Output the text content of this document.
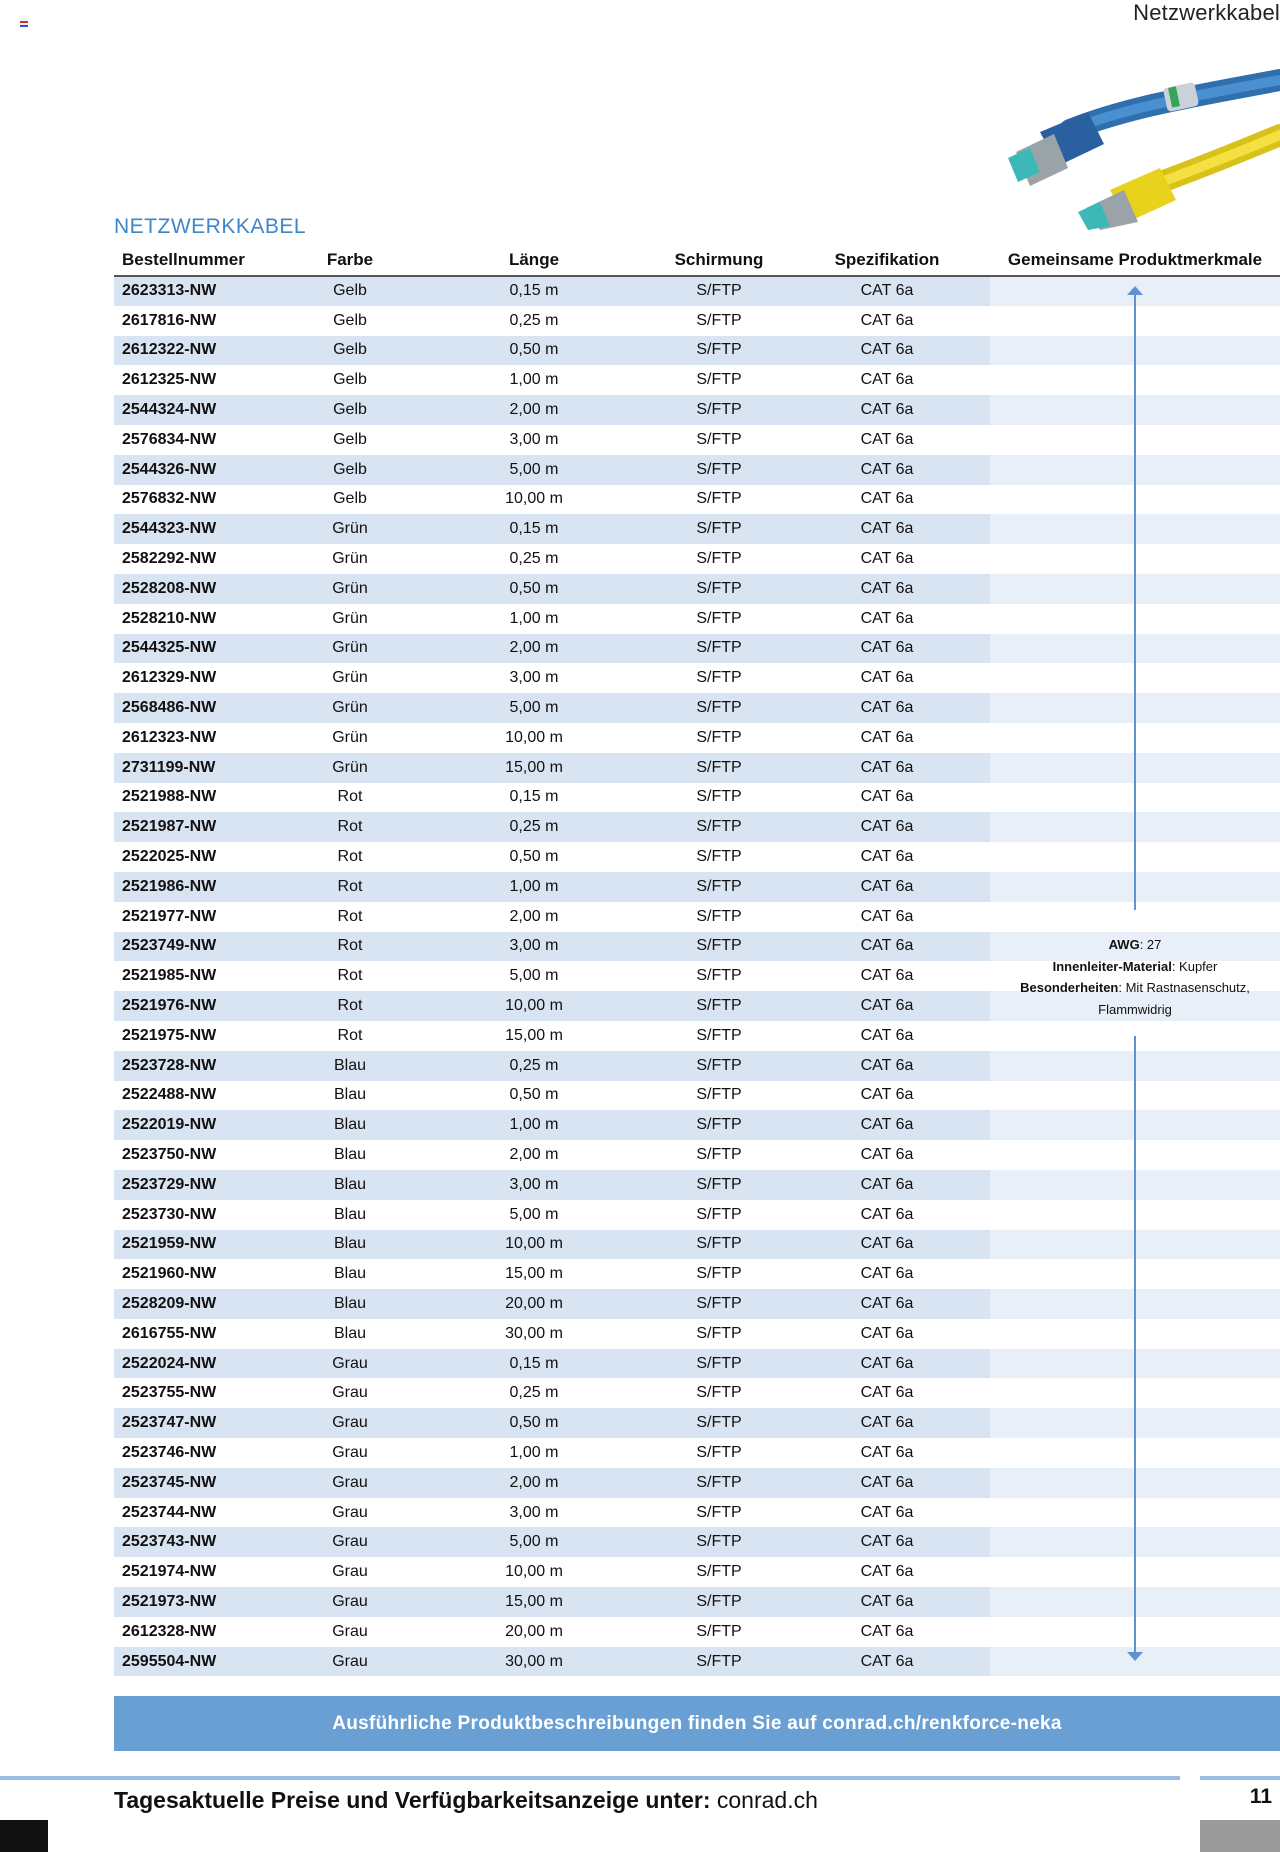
Netzwerkkabel
NETZWERKKABEL
Bestellnummer	Farbe	Länge	Schirmung	Spezifikation	Gemeinsame Produktmerkmale
2623313-NW	Gelb	0,15 m	S/FTP	CAT 6a	
2617816-NW	Gelb	0,25 m	S/FTP	CAT 6a	
2612322-NW	Gelb	0,50 m	S/FTP	CAT 6a	
2612325-NW	Gelb	1,00 m	S/FTP	CAT 6a	
2544324-NW	Gelb	2,00 m	S/FTP	CAT 6a	
2576834-NW	Gelb	3,00 m	S/FTP	CAT 6a	
2544326-NW	Gelb	5,00 m	S/FTP	CAT 6a	
2576832-NW	Gelb	10,00 m	S/FTP	CAT 6a	
2544323-NW	Grün	0,15 m	S/FTP	CAT 6a	
2582292-NW	Grün	0,25 m	S/FTP	CAT 6a	
2528208-NW	Grün	0,50 m	S/FTP	CAT 6a	
2528210-NW	Grün	1,00 m	S/FTP	CAT 6a	
2544325-NW	Grün	2,00 m	S/FTP	CAT 6a	
2612329-NW	Grün	3,00 m	S/FTP	CAT 6a	
2568486-NW	Grün	5,00 m	S/FTP	CAT 6a	
2612323-NW	Grün	10,00 m	S/FTP	CAT 6a	
2731199-NW	Grün	15,00 m	S/FTP	CAT 6a	
2521988-NW	Rot	0,15 m	S/FTP	CAT 6a	
2521987-NW	Rot	0,25 m	S/FTP	CAT 6a	
2522025-NW	Rot	0,50 m	S/FTP	CAT 6a	
2521986-NW	Rot	1,00 m	S/FTP	CAT 6a	
2521977-NW	Rot	2,00 m	S/FTP	CAT 6a	
2523749-NW	Rot	3,00 m	S/FTP	CAT 6a	
2521985-NW	Rot	5,00 m	S/FTP	CAT 6a	
2521976-NW	Rot	10,00 m	S/FTP	CAT 6a	
2521975-NW	Rot	15,00 m	S/FTP	CAT 6a	
2523728-NW	Blau	0,25 m	S/FTP	CAT 6a	
2522488-NW	Blau	0,50 m	S/FTP	CAT 6a	
2522019-NW	Blau	1,00 m	S/FTP	CAT 6a	
2523750-NW	Blau	2,00 m	S/FTP	CAT 6a	
2523729-NW	Blau	3,00 m	S/FTP	CAT 6a	
2523730-NW	Blau	5,00 m	S/FTP	CAT 6a	
2521959-NW	Blau	10,00 m	S/FTP	CAT 6a	
2521960-NW	Blau	15,00 m	S/FTP	CAT 6a	
2528209-NW	Blau	20,00 m	S/FTP	CAT 6a	
2616755-NW	Blau	30,00 m	S/FTP	CAT 6a	
2522024-NW	Grau	0,15 m	S/FTP	CAT 6a	
2523755-NW	Grau	0,25 m	S/FTP	CAT 6a	
2523747-NW	Grau	0,50 m	S/FTP	CAT 6a	
2523746-NW	Grau	1,00 m	S/FTP	CAT 6a	
2523745-NW	Grau	2,00 m	S/FTP	CAT 6a	
2523744-NW	Grau	3,00 m	S/FTP	CAT 6a	
2523743-NW	Grau	5,00 m	S/FTP	CAT 6a	
2521974-NW	Grau	10,00 m	S/FTP	CAT 6a	
2521973-NW	Grau	15,00 m	S/FTP	CAT 6a	
2612328-NW	Grau	20,00 m	S/FTP	CAT 6a	
2595504-NW	Grau	30,00 m	S/FTP	CAT 6a	
AWG: 27
Innenleiter-Material: Kupfer
Besonderheiten: Mit Rastnasenschutz, Flammwidrig
Ausführliche Produktbeschreibungen finden Sie auf conrad.ch/renkforce-neka
Tagesaktuelle Preise und Verfügbarkeitsanzeige unter: conrad.ch	11
